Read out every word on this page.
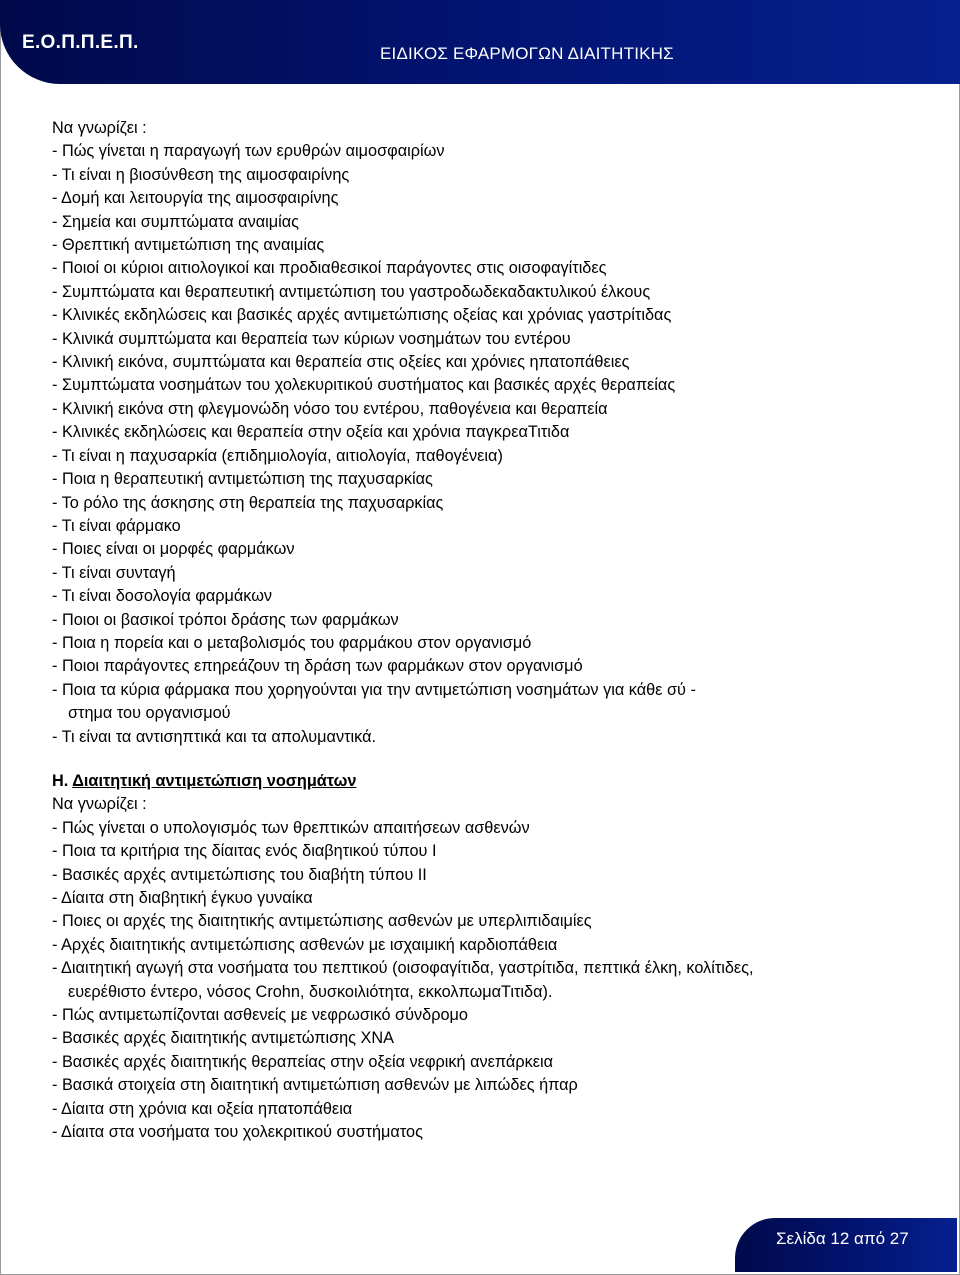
Ε.Ο.Π.Π.Ε.Π.
ΕΙΔΙΚΟΣ ΕΦΑΡΜΟΓΩΝ ΔΙΑΙΤΗΤΙΚΗΣ
Να γνωρίζει :
- Πώς γίνεται η παραγωγή των ερυθρών αιμοσφαιρίων
- Τι είναι η βιοσύνθεση της αιμοσφαιρίνης
- Δομή και λειτουργία της αιμοσφαιρίνης
- Σημεία και συμπτώματα αναιμίας
- Θρεπτική αντιμετώπιση της αναιμίας
- Ποιοί οι κύριοι αιτιολογικοί και προδιαθεσικοί παράγοντες στις οισοφαγίτιδες
- Συμπτώματα και θεραπευτική αντιμετώπιση του γαστροδωδεκαδακτυλικού έλκους
- Κλινικές εκδηλώσεις και βασικές αρχές αντιμετώπισης οξείας και χρόνιας γαστρίτιδας
- Κλινικά συμπτώματα και θεραπεία των κύριων νοσημάτων του εντέρου
- Κλινική εικόνα, συμπτώματα και θεραπεία στις οξείες και χρόνιες ηπατοπάθειες
- Συμπτώματα νοσημάτων του χολεκυριτικού συστήματος και βασικές αρχές θεραπείας
- Κλινική εικόνα στη φλεγμονώδη νόσο του εντέρου, παθογένεια και θεραπεία
- Κλινικές εκδηλώσεις και θεραπεία στην οξεία και χρόνια παγκρεαΤιτιδα
- Τι είναι η παχυσαρκία (επιδημιολογία, αιτιολογία, παθογένεια)
- Ποια η θεραπευτική αντιμετώπιση της παχυσαρκίας
- Το ρόλο της άσκησης στη θεραπεία της παχυσαρκίας
- Τι είναι φάρμακο
- Ποιες είναι οι μορφές φαρμάκων
- Τι είναι συνταγή
- Τι είναι δοσολογία φαρμάκων
- Ποιοι οι βασικοί τρόποι δράσης των φαρμάκων
- Ποια η πορεία και ο μεταβολισμός του φαρμάκου στον οργανισμό
- Ποιοι παράγοντες επηρεάζουν τη δράση των φαρμάκων στον οργανισμό
- Ποια τα κύρια φάρμακα που χορηγούνται για την αντιμετώπιση νοσημάτων για κάθε σύ -
στημα του οργανισμού
- Τι είναι τα αντισηπτικά και τα απολυμαντικά.
Η. Διαιτητική αντιμετώπιση νοσημάτων
Να γνωρίζει :
- Πώς γίνεται ο υπολογισμός των θρεπτικών απαιτήσεων ασθενών
- Ποια τα κριτήρια της δίαιτας ενός διαβητικού τύπου Ι
- Βασικές αρχές αντιμετώπισης του διαβήτη τύπου ΙΙ
- Δίαιτα στη διαβητική έγκυο γυναίκα
- Ποιες οι αρχές της διαιτητικής αντιμετώπισης ασθενών με υπερλιπιδαιμίες
- Αρχές διαιτητικής αντιμετώπισης ασθενών με ισχαιμική καρδιοπάθεια
- Διαιτητική αγωγή στα νοσήματα του πεπτικού (οισοφαγίτιδα, γαστρίτιδα, πεπτικά έλκη, κολίτιδες,
ευερέθιστο έντερο, νόσος Crohn, δυσκοιλιότητα, εκκολπωμαΤιτιδα).
- Πώς αντιμετωπίζονται ασθενείς με νεφρωσικό σύνδρομο
- Βασικές αρχές διαιτητικής αντιμετώπισης ΧΝΑ
- Βασικές αρχές διαιτητικής θεραπείας στην οξεία νεφρική ανεπάρκεια
- Βασικά στοιχεία στη διαιτητική αντιμετώπιση ασθενών με λιπώδες ήπαρ
- Δίαιτα στη χρόνια και οξεία ηπατοπάθεια
- Δίαιτα στα νοσήματα του χολεκριτικού συστήματος
Σελίδα 12 από 27
